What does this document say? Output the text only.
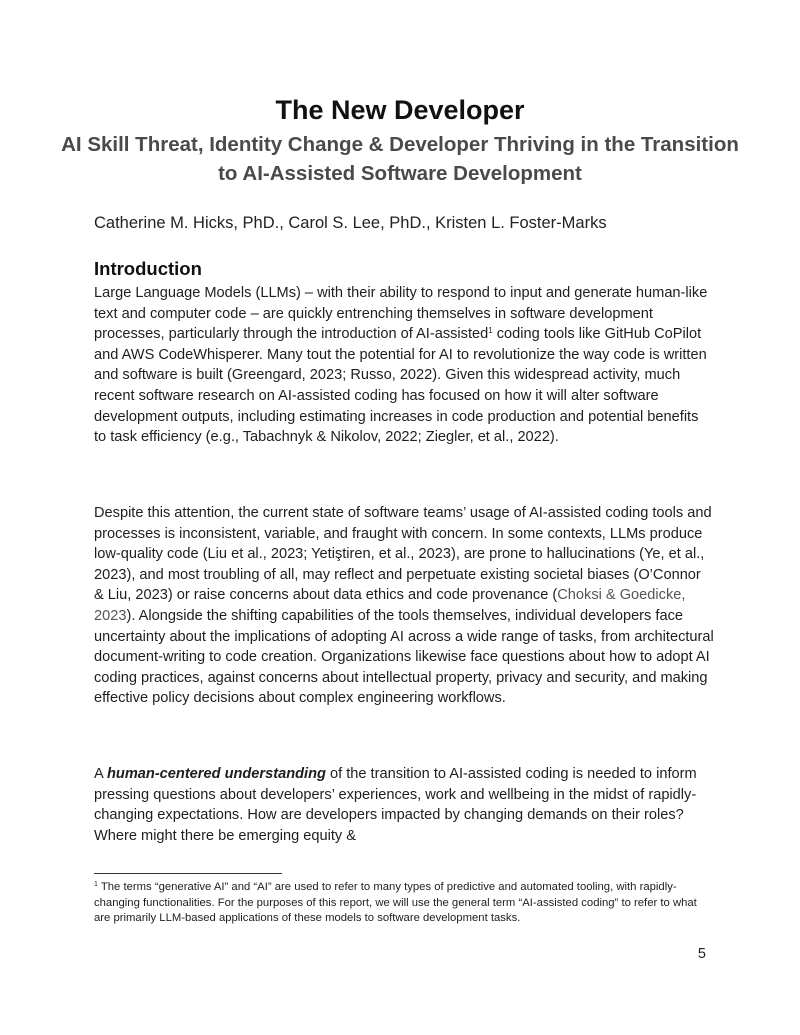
The New Developer
AI Skill Threat, Identity Change & Developer Thriving in the Transition to AI-Assisted Software Development
Catherine M. Hicks, PhD., Carol S. Lee, PhD., Kristen L. Foster-Marks
Introduction

Large Language Models (LLMs) – with their ability to respond to input and generate human-like text and computer code – are quickly entrenching themselves in software development processes, particularly through the introduction of AI-assisted$^1$ coding tools like GitHub CoPilot and AWS CodeWhisperer. Many tout the potential for AI to revolutionize the way code is written and software is built (Greengard, 2023; Russo, 2022). Given this widespread activity, much recent software research on AI-assisted coding has focused on how it will alter software development outputs, including estimating increases in code production and potential benefits to task efficiency (e.g., Tabachnyk & Nikolov, 2022; Ziegler, et al., 2022).

Despite this attention, the current state of software teams’ usage of AI-assisted coding tools and processes is inconsistent, variable, and fraught with concern. In some contexts, LLMs produce low-quality code (Liu et al., 2023; Yetiştiren, et al., 2023), are prone to hallucinations (Ye, et al., 2023), and most troubling of all, may reflect and perpetuate existing societal biases (O’Connor & Liu, 2023) or raise concerns about data ethics and code provenance (Choksi & Goedicke, 2023). Alongside the shifting capabilities of the tools themselves, individual developers face uncertainty about the implications of adopting AI across a wide range of tasks, from architectural document-writing to code creation. Organizations likewise face questions about how to adopt AI coding practices, against concerns about intellectual property, privacy and security, and making effective policy decisions about complex engineering workflows.

A human-centered understanding of the transition to AI-assisted coding is needed to inform pressing questions about developers’ experiences, work and wellbeing in the midst of rapidly-changing expectations. How are developers impacted by changing demands on their roles? Where might there be emerging equity &

$^1$ The terms “generative AI” and “AI” are used to refer to many types of predictive and automated tooling, with rapidly-changing functionalities. For the purposes of this report, we will use the general term “AI-assisted coding” to refer to what are primarily LLM-based applications of these models to software development tasks.

5
